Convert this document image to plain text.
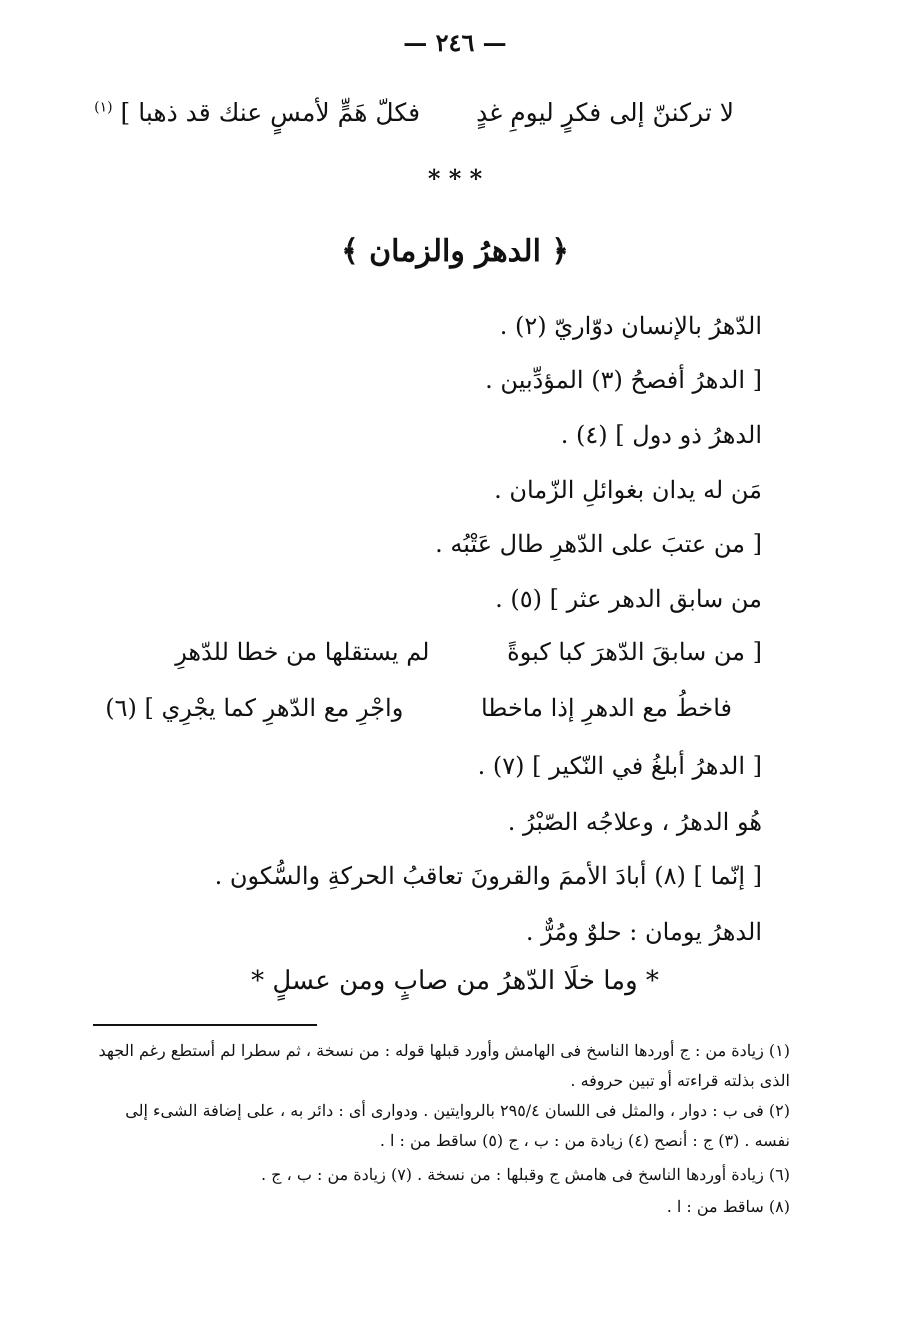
— ٢٤٦ —
لا تركننّ إلى فكرٍ ليومِ غدٍ فكلّ هَمٍّ لأمسٍ عنك قد ذهبا ] $^{(١)}$
* * *
﴿ الدهرُ والزمان ﴾
الدّهرُ بالإنسان دوّاريّ (٢) .
[ الدهرُ أفصحُ (٣) المؤدِّبين .
الدهرُ ذو دول ] (٤) .
مَن له يدان بغوائلِ الزّمان .
[ من عتبَ على الدّهرِ طال عَتْبُه .
من سابق الدهر عثر ] (٥) .
[ من سابقَ الدّهرَ كبا كبوةً لم يستقلها من خطا للدّهرِ
فاخطُ مع الدهرِ إذا ماخطا واجْرِ مع الدّهرِ كما يجْرِي ] (٦)
[ الدهرُ أبلغُ في النّكير ] (٧) .
هُو الدهرُ ، وعلاجُه الصّبْرُ .
[ إنّما ] (٨) أبادَ الأممَ والقرونَ تعاقبُ الحركةِ والسُّكون .
الدهرُ يومان : حلوٌ ومُرٌّ .
* وما خلَا الدّهرُ من صابٍ ومن عسلٍ *
(١) زيادة من : ج أوردها الناسخ فى الهامش وأورد قبلها قوله : من نسخة ، ثم سطرا لم أستطع رغم الجهد الذى بذلته قراءته أو تبين حروفه .
(٢) فى ب : دوار ، والمثل فى اللسان ٢٩٥/٤ بالروايتين . ودوارى أى : دائر به ، على إضافة الشىء إلى نفسه . (٣) ج : أنصح (٤) زيادة من : ب ، ج (٥) ساقط من : ا .
(٦) زيادة أوردها الناسخ فى هامش ج وقبلها : من نسخة . (٧) زيادة من : ب ، ج .
(٨) ساقط من : ا .
